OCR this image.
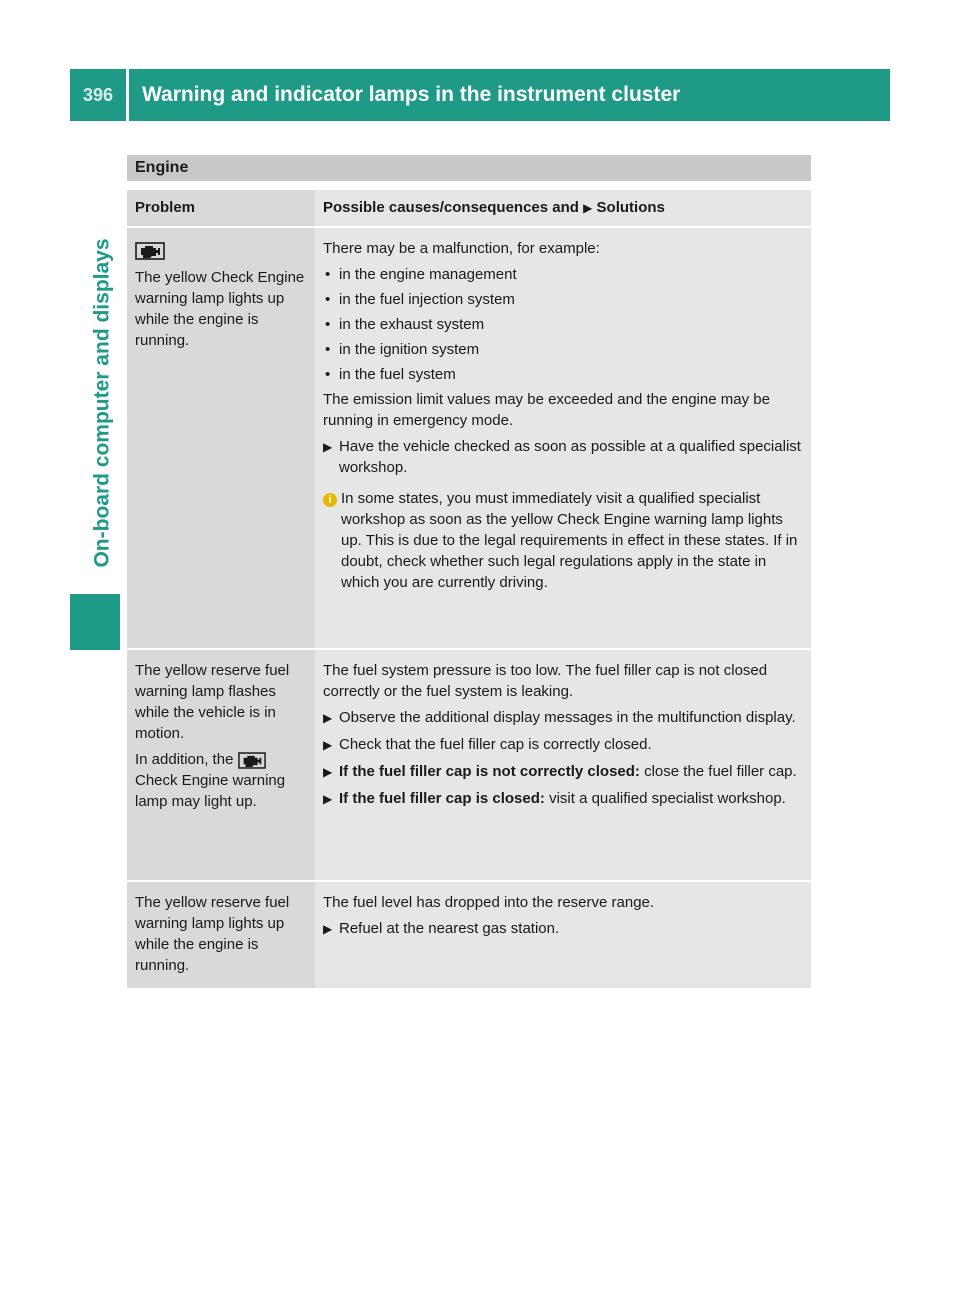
396	Warning and indicator lamps in the instrument cluster
On-board computer and displays
Engine
Problem	Possible causes/consequences and ▶ Solutions
The yellow Check Engine warning lamp lights up while the engine is running.

There may be a malfunction, for example:

• in the engine management
• in the fuel injection system
• in the exhaust system
• in the ignition system
• in the fuel system

The emission limit values may be exceeded and the engine may be running in emergency mode.

▶ Have the vehicle checked as soon as possible at a qualified specialist workshop.
i In some states, you must immediately visit a qualified specialist workshop as soon as the yellow Check Engine warning lamp lights up. This is due to the legal requirements in effect in these states. If in doubt, check whether such legal regulations apply in the state in which you are currently driving.

The yellow reserve fuel warning lamp flashes while the vehicle is in motion.

In addition, the  Check Engine warning lamp may light up.

The fuel system pressure is too low. The fuel filler cap is not closed correctly or the fuel system is leaking.

▶ Observe the additional display messages in the multifunction display.
▶ Check that the fuel filler cap is correctly closed.
▶ If the fuel filler cap is not correctly closed: close the fuel filler cap.
▶ If the fuel filler cap is closed: visit a qualified specialist workshop.
The yellow reserve fuel warning lamp lights up while the engine is running.

The fuel level has dropped into the reserve range.

▶ Refuel at the nearest gas station.
